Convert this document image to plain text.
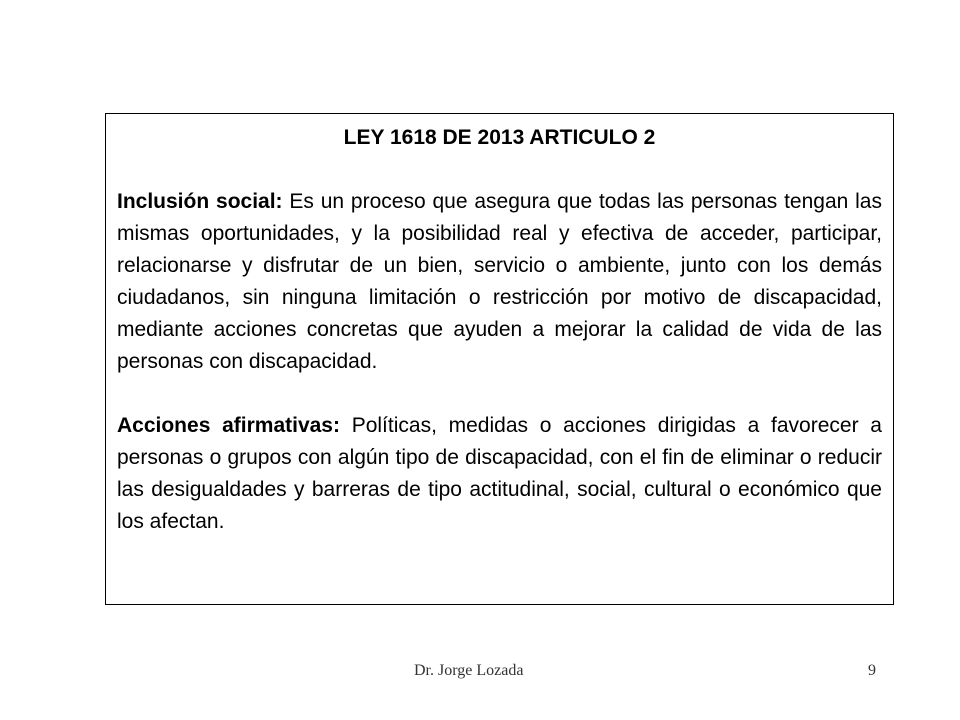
LEY 1618 DE 2013 ARTICULO 2

Inclusión social: Es un proceso que asegura que todas las personas tengan las mismas oportunidades, y la posibilidad real y efectiva de acceder, participar, relacionarse y disfrutar de un bien, servicio o ambiente, junto con los demás ciudadanos, sin ninguna limitación o restricción por motivo de discapacidad, mediante acciones concretas que ayuden a mejorar la calidad de vida de las personas con discapacidad.

Acciones afirmativas: Políticas, medidas o acciones dirigidas a favorecer a personas o grupos con algún tipo de discapacidad, con el fin de eliminar o reducir las desigualdades y barreras de tipo actitudinal, social, cultural o económico que los afectan.

Dr. Jorge Lozada	9
